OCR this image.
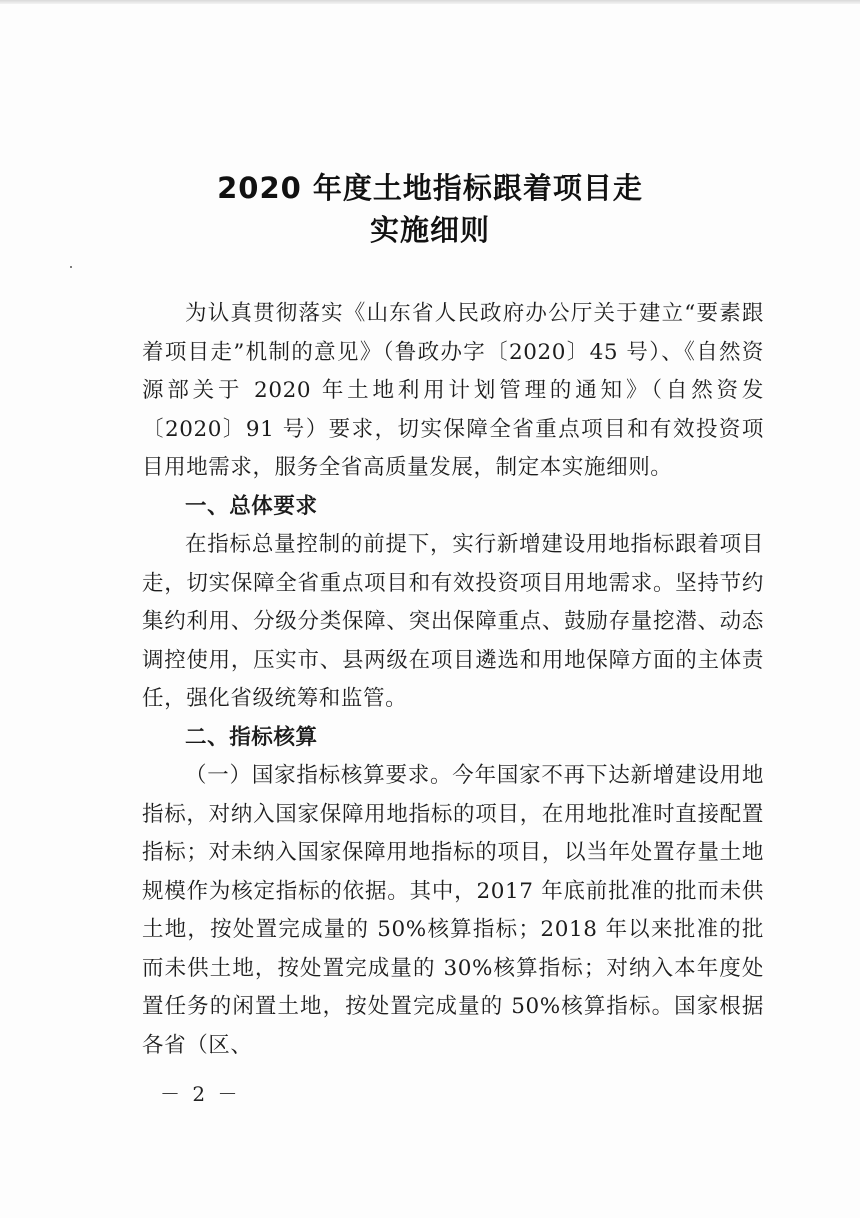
2020 年度土地指标跟着项目走
实施细则

为认真贯彻落实《山东省人民政府办公厅关于建立“要素跟着项目走”机制的意见》（鲁政办字〔2020〕45 号）、《自然资源部关于 2020 年土地利用计划管理的通知》（自然资发〔2020〕91 号）要求，切实保障全省重点项目和有效投资项目用地需求，服务全省高质量发展，制定本实施细则。

一、总体要求

在指标总量控制的前提下，实行新增建设用地指标跟着项目走，切实保障全省重点项目和有效投资项目用地需求。坚持节约集约利用、分级分类保障、突出保障重点、鼓励存量挖潜、动态调控使用，压实市、县两级在项目遴选和用地保障方面的主体责任，强化省级统筹和监管。

二、指标核算

（一）国家指标核算要求。今年国家不再下达新增建设用地指标，对纳入国家保障用地指标的项目，在用地批准时直接配置指标；对未纳入国家保障用地指标的项目，以当年处置存量土地规模作为核定指标的依据。其中，2017 年底前批准的批而未供土地，按处置完成量的 50%核算指标；2018 年以来批准的批而未供土地，按处置完成量的 30%核算指标；对纳入本年度处置任务的闲置土地，按处置完成量的 50%核算指标。国家根据各省（区、

－ 2 －
